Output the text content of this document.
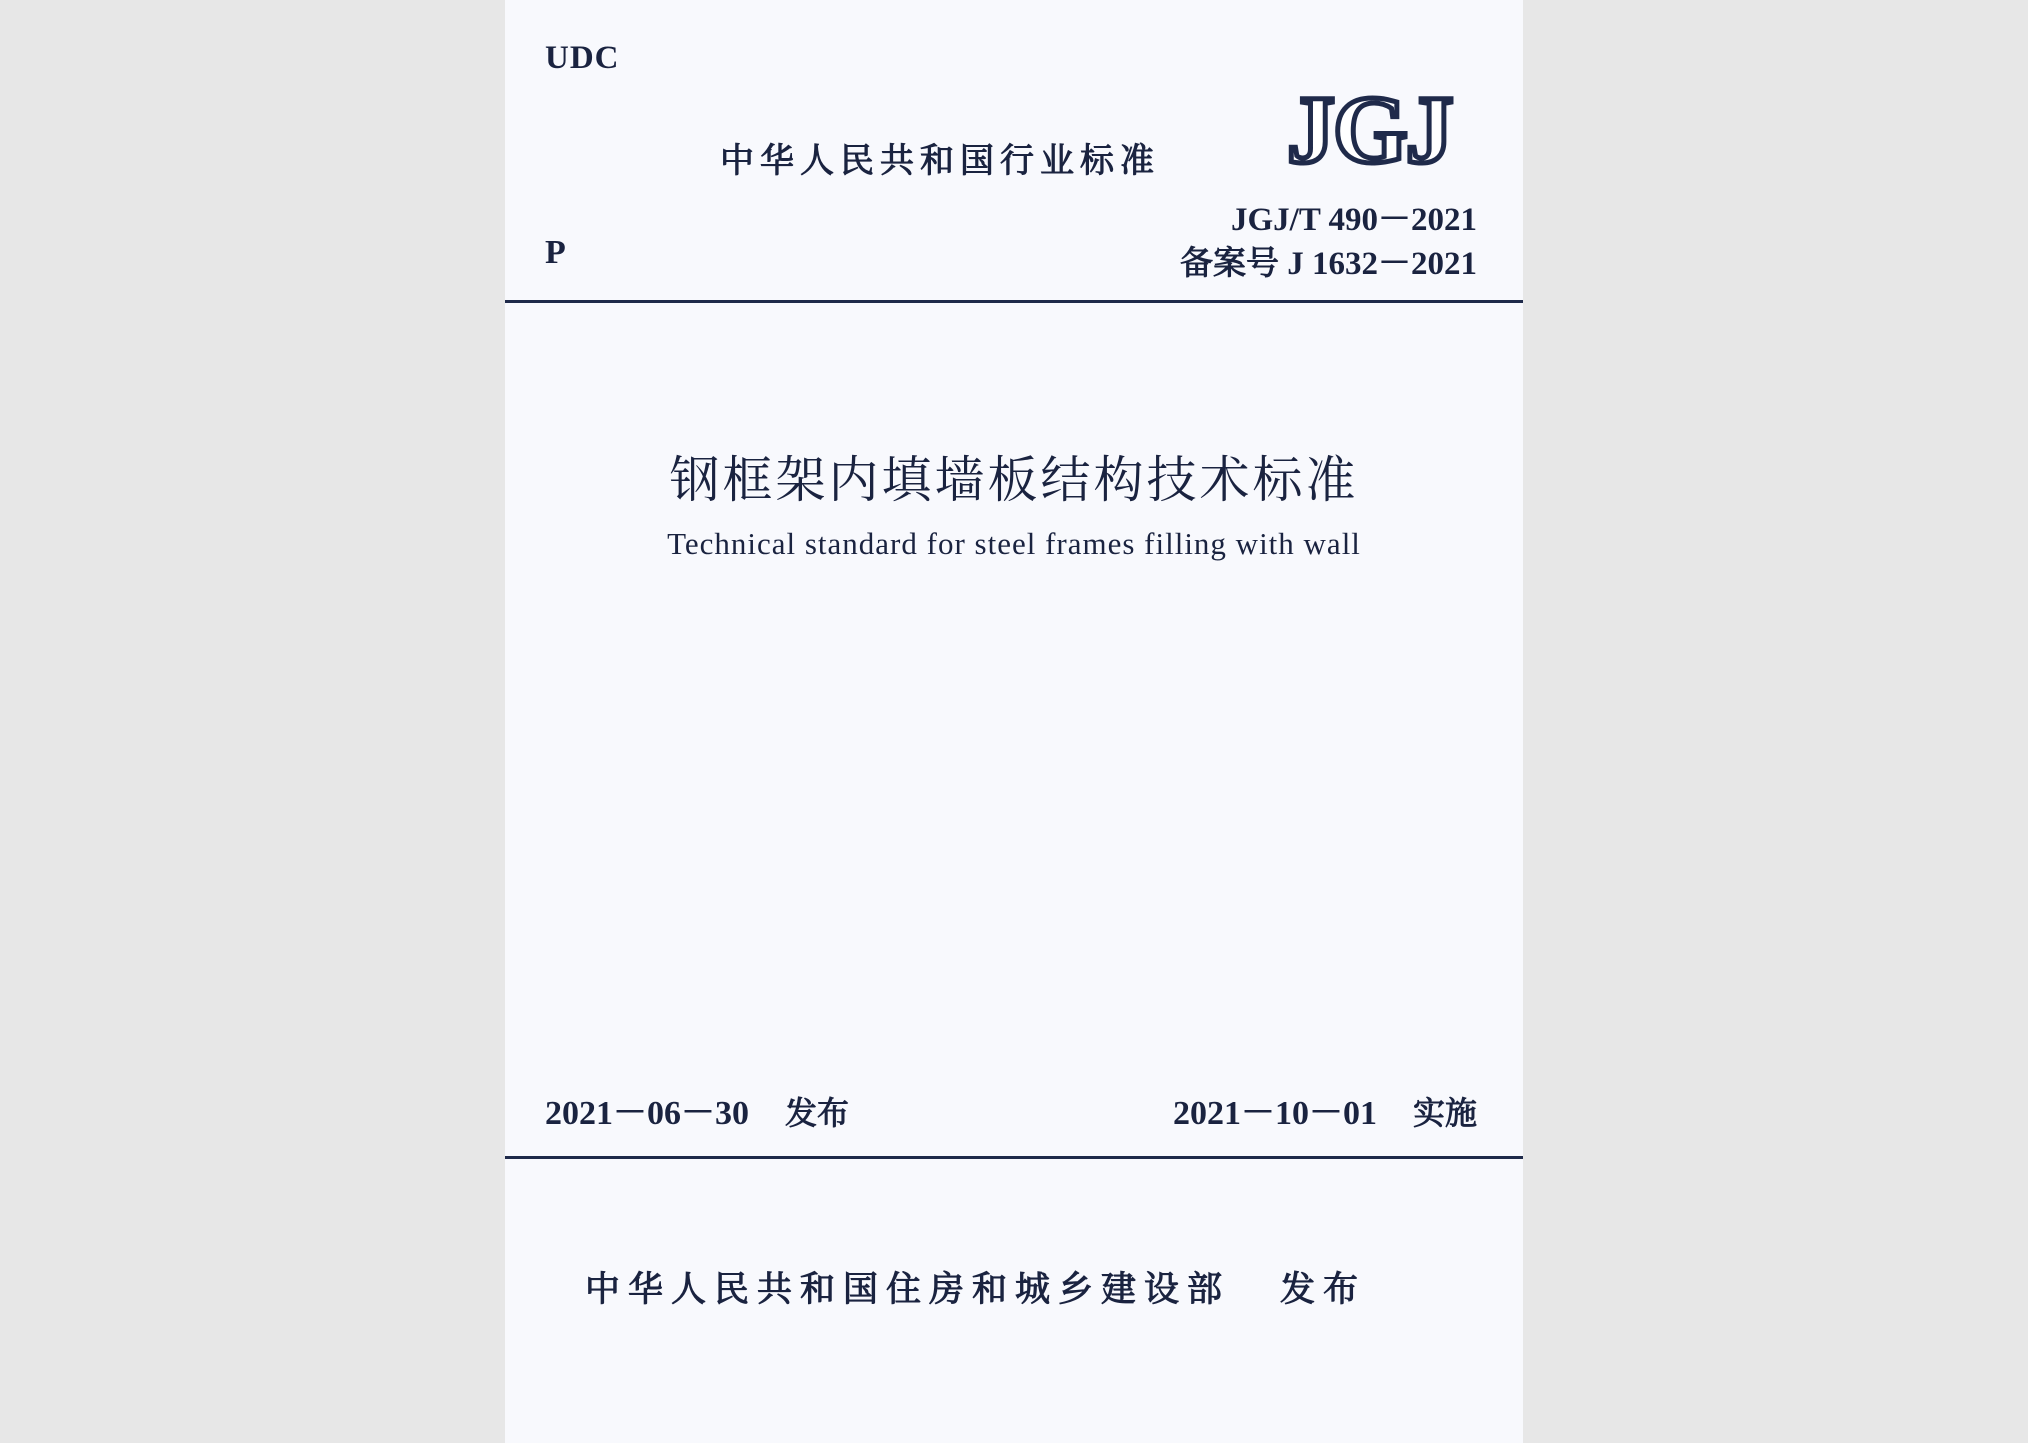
UDC
中华人民共和国行业标准 JGJ
P
JGJ/T 490－2021
备案号 J 1632－2021
钢框架内填墙板结构技术标准
Technical standard for steel frames filling with wall
2021－06－30 发布	2021－10－01 实施
中华人民共和国住房和城乡建设部 发布
